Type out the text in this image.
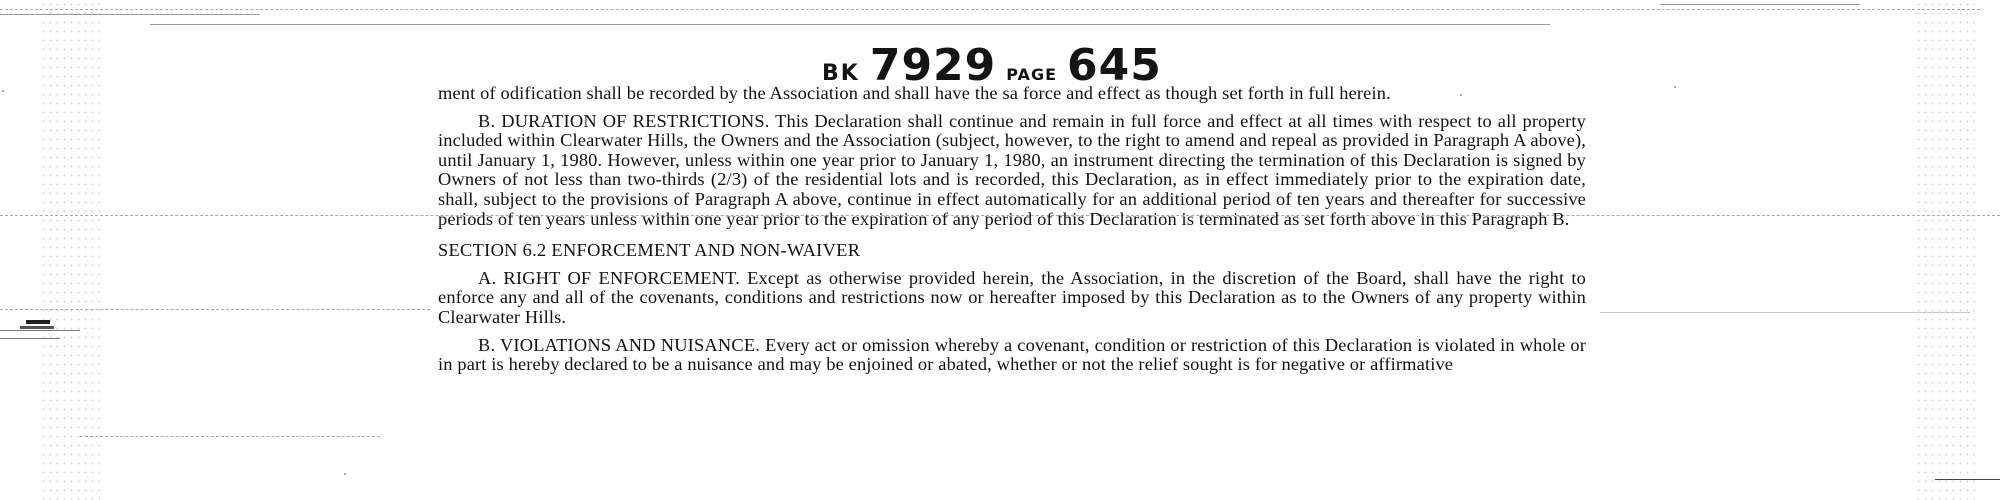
BK 7929 PAGE 645

ment of odification shall be recorded by the Association and shall have the sa force and effect as though set forth in full herein.

B. DURATION OF RESTRICTIONS. This Declaration shall continue and remain in full force and effect at all times with respect to all property included within Clearwater Hills, the Owners and the Association (subject, however, to the right to amend and repeal as provided in Paragraph A above), until January 1, 1980. However, unless within one year prior to January 1, 1980, an instrument directing the termination of this Declaration is signed by Owners of not less than two-thirds (2/3) of the residential lots and is recorded, this Declaration, as in effect immediately prior to the expiration date, shall, subject to the provisions of Paragraph A above, continue in effect automatically for an additional period of ten years and thereafter for successive periods of ten years unless within one year prior to the expiration of any period of this Declaration is terminated as set forth above in this Paragraph B.

SECTION 6.2 ENFORCEMENT AND NON-WAIVER

A. RIGHT OF ENFORCEMENT. Except as otherwise provided herein, the Association, in the discretion of the Board, shall have the right to enforce any and all of the covenants, conditions and restrictions now or hereafter imposed by this Declaration as to the Owners of any property within Clearwater Hills.

B. VIOLATIONS AND NUISANCE. Every act or omission whereby a covenant, condition or restriction of this Declaration is violated in whole or in part is hereby declared to be a nuisance and may be enjoined or abated, whether or not the relief sought is for negative or affirmative
